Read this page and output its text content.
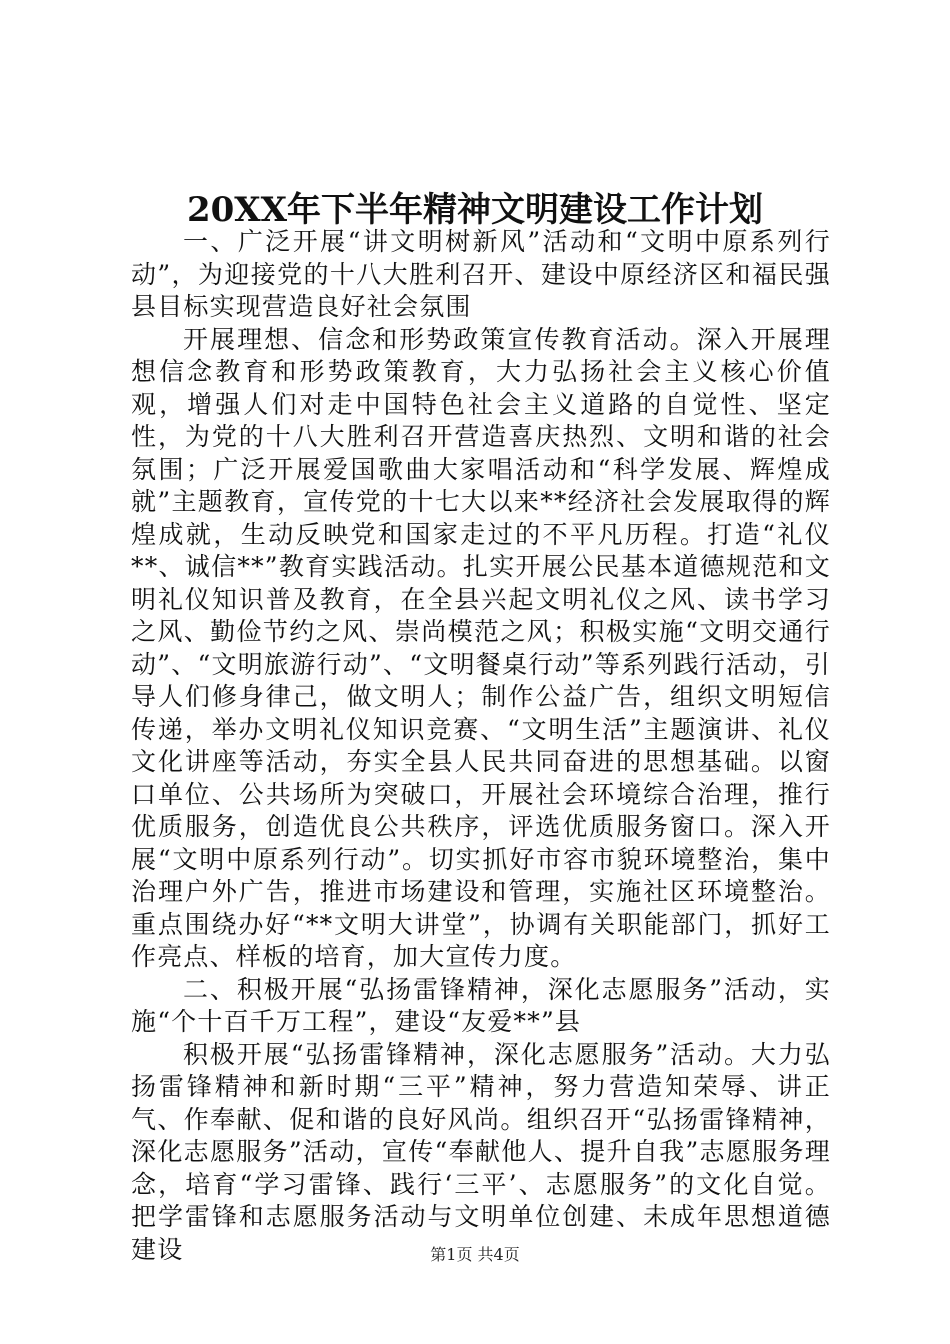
20XX年下半年精神文明建设工作计划

一、广泛开展“讲文明树新风”活动和“文明中原系列行动”，为迎接党的十八大胜利召开、建设中原经济区和福民强县目标实现营造良好社会氛围

开展理想、信念和形势政策宣传教育活动。深入开展理想信念教育和形势政策教育，大力弘扬社会主义核心价值观，增强人们对走中国特色社会主义道路的自觉性、坚定性，为党的十八大胜利召开营造喜庆热烈、文明和谐的社会氛围；广泛开展爱国歌曲大家唱活动和“科学发展、辉煌成就”主题教育，宣传党的十七大以来**经济社会发展取得的辉煌成就，生动反映党和国家走过的不平凡历程。打造“礼仪**、诚信**”教育实践活动。扎实开展公民基本道德规范和文明礼仪知识普及教育，在全县兴起文明礼仪之风、读书学习之风、勤俭节约之风、崇尚模范之风；积极实施“文明交通行动”、“文明旅游行动”、“文明餐桌行动”等系列践行活动，引导人们修身律己，做文明人；制作公益广告，组织文明短信传递，举办文明礼仪知识竞赛、“文明生活”主题演讲、礼仪文化讲座等活动，夯实全县人民共同奋进的思想基础。以窗口单位、公共场所为突破口，开展社会环境综合治理，推行优质服务，创造优良公共秩序，评选优质服务窗口。深入开展“文明中原系列行动”。切实抓好市容市貌环境整治，集中治理户外广告，推进市场建设和管理，实施社区环境整治。重点围绕办好“**文明大讲堂”，协调有关职能部门，抓好工作亮点、样板的培育，加大宣传力度。

二、积极开展“弘扬雷锋精神，深化志愿服务”活动，实施“个十百千万工程”，建设“友爱**”县

积极开展“弘扬雷锋精神，深化志愿服务”活动。大力弘扬雷锋精神和新时期“三平”精神，努力营造知荣辱、讲正气、作奉献、促和谐的良好风尚。组织召开“弘扬雷锋精神，深化志愿服务”活动，宣传“奉献他人、提升自我”志愿服务理念，培育“学习雷锋、践行‘三平’、志愿服务”的文化自觉。把学雷锋和志愿服务活动与文明单位创建、未成年思想道德建设	第1页 共4页
